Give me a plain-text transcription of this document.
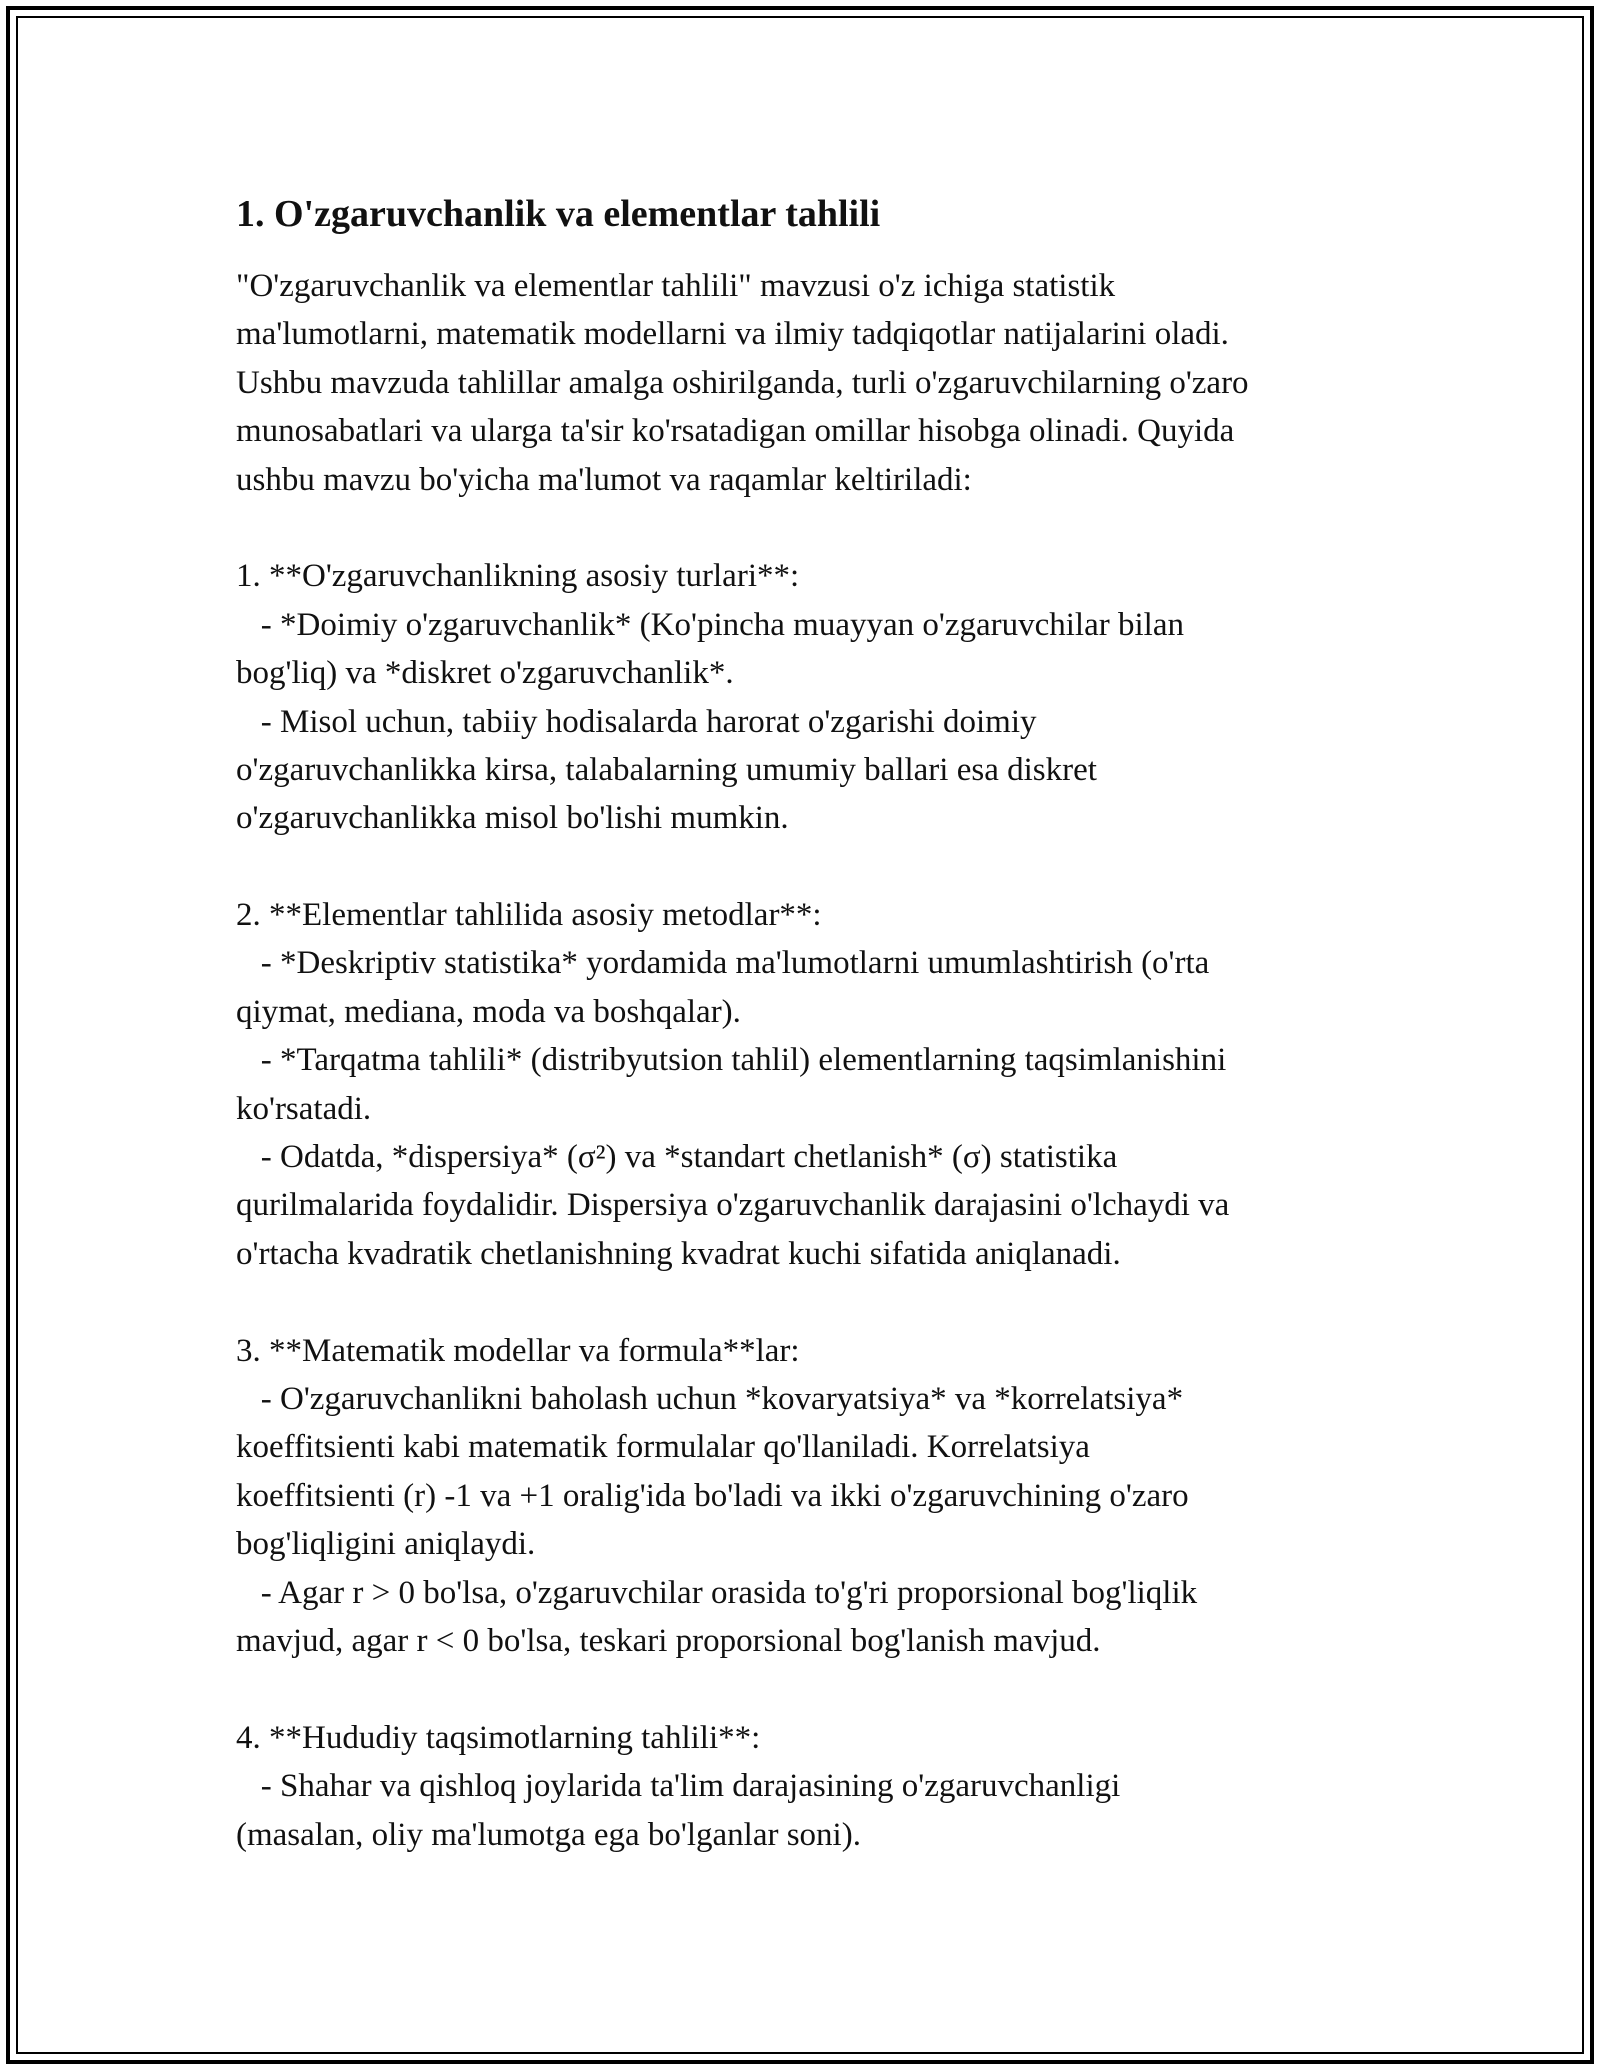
1. O'zgaruvchanlik va elementlar tahlili
"O'zgaruvchanlik va elementlar tahlili" mavzusi o'z ichiga statistik
ma'lumotlarni, matematik modellarni va ilmiy tadqiqotlar natijalarini oladi.
Ushbu mavzuda tahlillar amalga oshirilganda, turli o'zgaruvchilarning o'zaro
munosabatlari va ularga ta'sir ko'rsatadigan omillar hisobga olinadi. Quyida
ushbu mavzu bo'yicha ma'lumot va raqamlar keltiriladi:
1. **O'zgaruvchanlikning asosiy turlari**:
- *Doimiy o'zgaruvchanlik* (Ko'pincha muayyan o'zgaruvchilar bilan
bog'liq) va *diskret o'zgaruvchanlik*.
- Misol uchun, tabiiy hodisalarda harorat o'zgarishi doimiy
o'zgaruvchanlikka kirsa, talabalarning umumiy ballari esa diskret
o'zgaruvchanlikka misol bo'lishi mumkin.
2. **Elementlar tahlilida asosiy metodlar**:
- *Deskriptiv statistika* yordamida ma'lumotlarni umumlashtirish (o'rta
qiymat, mediana, moda va boshqalar).
- *Tarqatma tahlili* (distribyutsion tahlil) elementlarning taqsimlanishini
ko'rsatadi.
- Odatda, *dispersiya* (σ²) va *standart chetlanish* (σ) statistika
qurilmalarida foydalidir. Dispersiya o'zgaruvchanlik darajasini o'lchaydi va
o'rtacha kvadratik chetlanishning kvadrat kuchi sifatida aniqlanadi.
3. **Matematik modellar va formula**lar:
- O'zgaruvchanlikni baholash uchun *kovaryatsiya* va *korrelatsiya*
koeffitsienti kabi matematik formulalar qo'llaniladi. Korrelatsiya
koeffitsienti (r) -1 va +1 oralig'ida bo'ladi va ikki o'zgaruvchining o'zaro
bog'liqligini aniqlaydi.
- Agar r > 0 bo'lsa, o'zgaruvchilar orasida to'g'ri proporsional bog'liqlik
mavjud, agar r < 0 bo'lsa, teskari proporsional bog'lanish mavjud.
4. **Hududiy taqsimotlarning tahlili**:
- Shahar va qishloq joylarida ta'lim darajasining o'zgaruvchanligi
(masalan, oliy ma'lumotga ega bo'lganlar soni).
